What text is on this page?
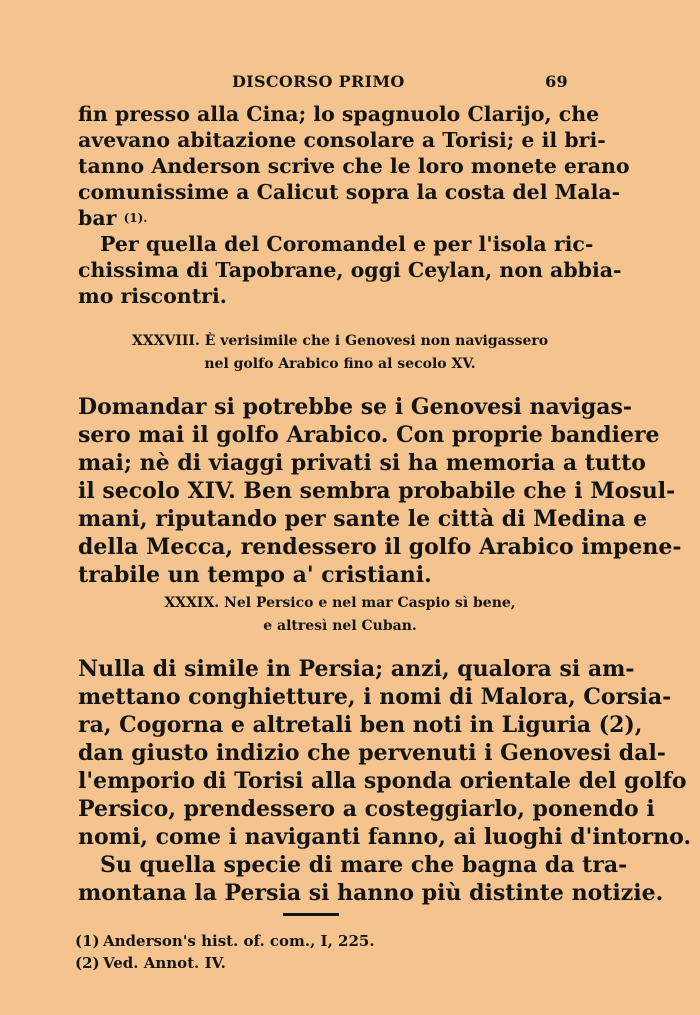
DISCORSO PRIMO	69
fin presso alla Cina; lo spagnuolo Clarijo, che
avevano abitazione consolare a Torisi; e il bri-
tanno Anderson scrive che le loro monete erano
comunissime a Calicut sopra la costa del Mala-
bar $^{(1).}$
Per quella del Coromandel e per l'isola ric-
chissima di Tapobrane, oggi Ceylan, non abbia-
mo riscontri.
XXXVIII. È verisimile che i Genovesi non navigassero
nel golfo Arabico fino al secolo XV.
Domandar si potrebbe se i Genovesi navigas-
sero mai il golfo Arabico. Con proprie bandiere
mai; nè di viaggi privati si ha memoria a tutto
il secolo XIV. Ben sembra probabile che i Mosul-
mani, riputando per sante le città di Medina e
della Mecca, rendessero il golfo Arabico impene-
trabile un tempo a' cristiani.
XXXIX. Nel Persico e nel mar Caspio sì bene,
e altresì nel Cuban.
Nulla di simile in Persia; anzi, qualora si am-
mettano conghietture, i nomi di Malora, Corsia-
ra, Cogorna e altretali ben noti in Liguria (2),
dan giusto indizio che pervenuti i Genovesi dal-
l'emporio di Torisi alla sponda orientale del golfo
Persico, prendessero a costeggiarlo, ponendo i
nomi, come i naviganti fanno, ai luoghi d'intorno.
Su quella specie di mare che bagna da tra-
montana la Persia si hanno più distinte notizie.
(1) Anderson's hist. of. com., I, 225.
(2) Ved. Annot. IV.
